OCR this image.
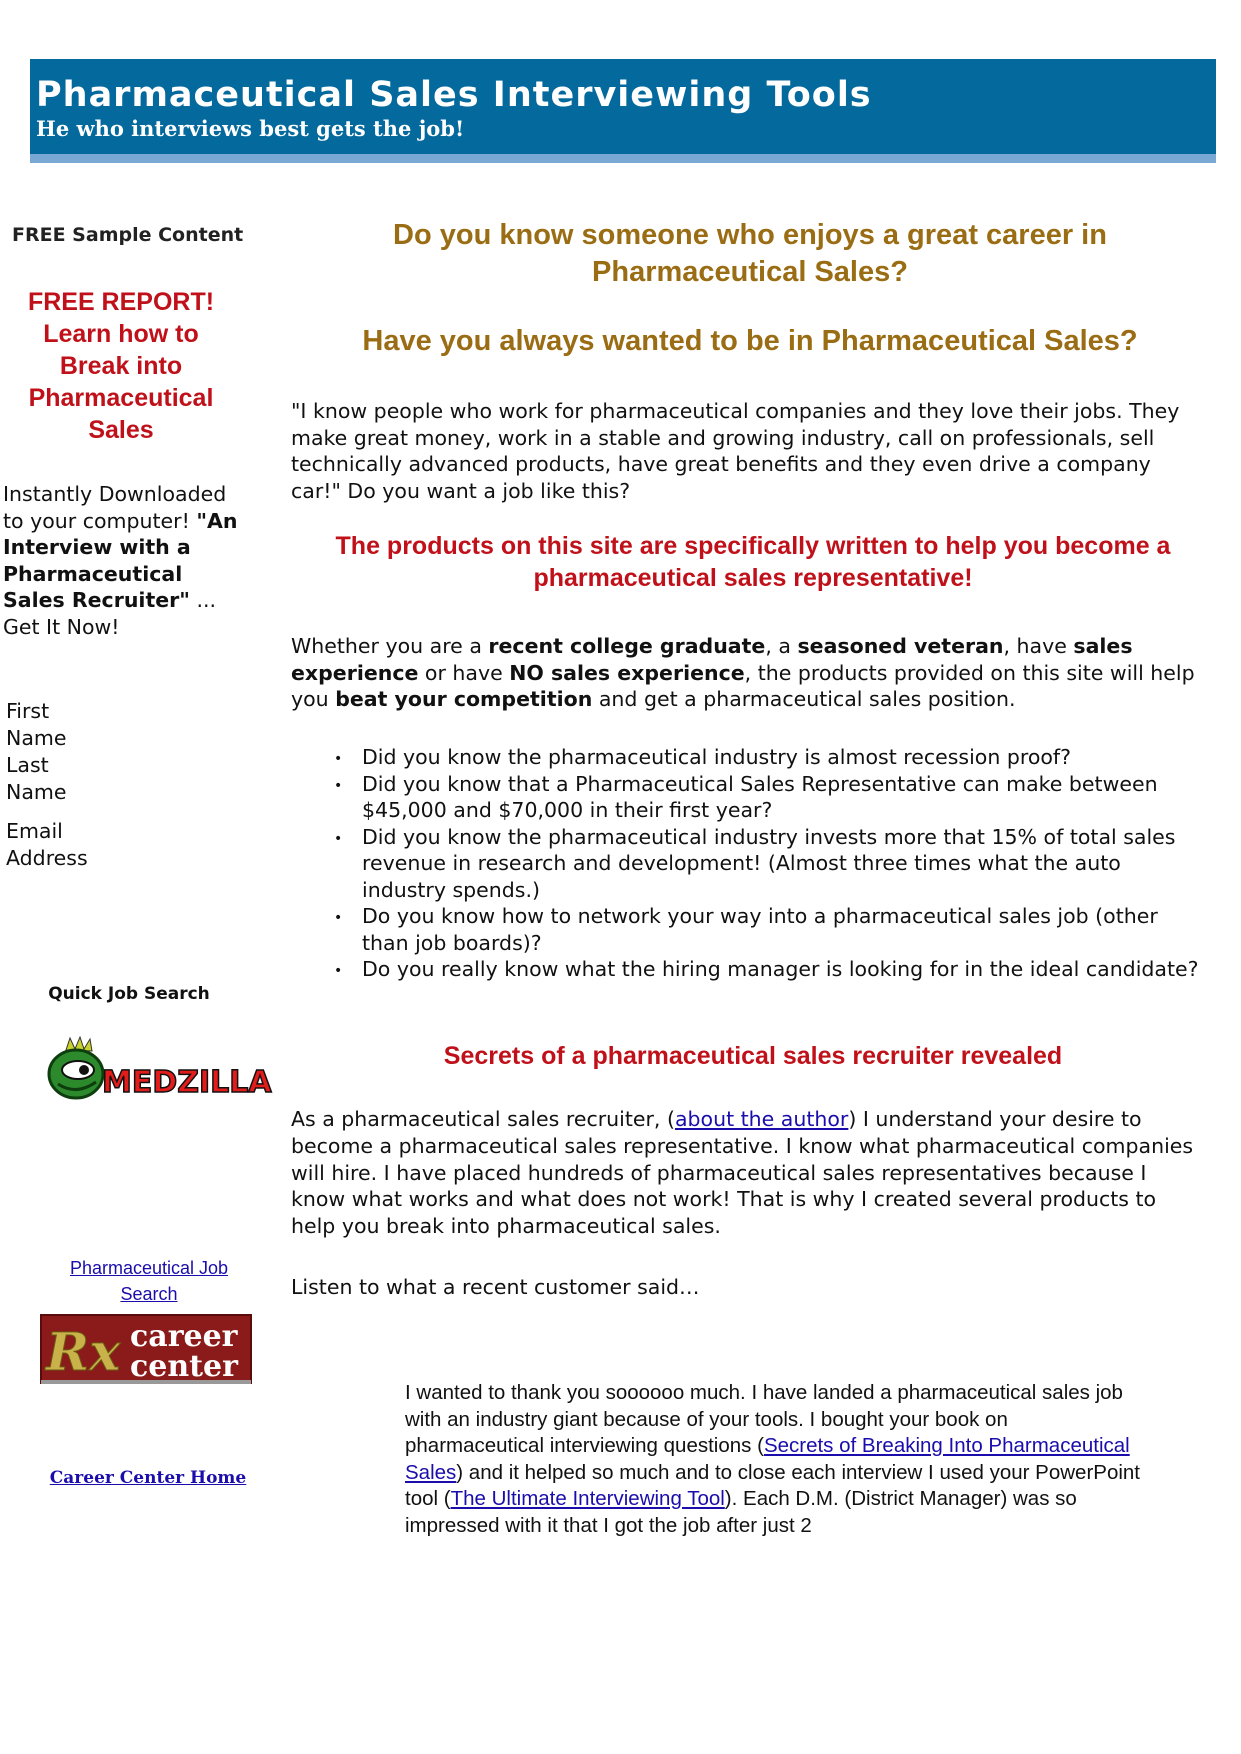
Pharmaceutical Sales Interviewing Tools
He who interviews best gets the job!
FREE Sample Content
FREE REPORT! Learn how to Break into Pharmaceutical Sales
Instantly Downloaded to your computer! "An Interview with a Pharmaceutical Sales Recruiter" ... Get It Now!
First Name
Last Name
Email Address
Quick Job Search
MEDZILLA
Pharmaceutical Job Search
Rx career
center
Career Center Home
Do you know someone who enjoys a great career in Pharmaceutical Sales?
Have you always wanted to be in Pharmaceutical Sales?
"I know people who work for pharmaceutical companies and they love their jobs. They make great money, work in a stable and growing industry, call on professionals, sell technically advanced products, have great benefits and they even drive a company car!" Do you want a job like this?
The products on this site are specifically written to help you become a pharmaceutical sales representative!
Whether you are a recent college graduate, a seasoned veteran, have sales experience or have NO sales experience, the products provided on this site will help you beat your competition and get a pharmaceutical sales position.
• Did you know the pharmaceutical industry is almost recession proof?
• Did you know that a Pharmaceutical Sales Representative can make between $45,000 and $70,000 in their first year?
• Did you know the pharmaceutical industry invests more that 15% of total sales revenue in research and development! (Almost three times what the auto industry spends.)
• Do you know how to network your way into a pharmaceutical sales job (other than job boards)?
• Do you really know what the hiring manager is looking for in the ideal candidate?
Secrets of a pharmaceutical sales recruiter revealed
As a pharmaceutical sales recruiter, (about the author) I understand your desire to become a pharmaceutical sales representative. I know what pharmaceutical companies will hire. I have placed hundreds of pharmaceutical sales representatives because I know what works and what does not work! That is why I created several products to help you break into pharmaceutical sales.
Listen to what a recent customer said…
I wanted to thank you soooooo much. I have landed a pharmaceutical sales job with an industry giant because of your tools. I bought your book on pharmaceutical interviewing questions (Secrets of Breaking Into Pharmaceutical Sales) and it helped so much and to close each interview I used your PowerPoint tool (The Ultimate Interviewing Tool). Each D.M. (District Manager) was so impressed with it that I got the job after just 2
